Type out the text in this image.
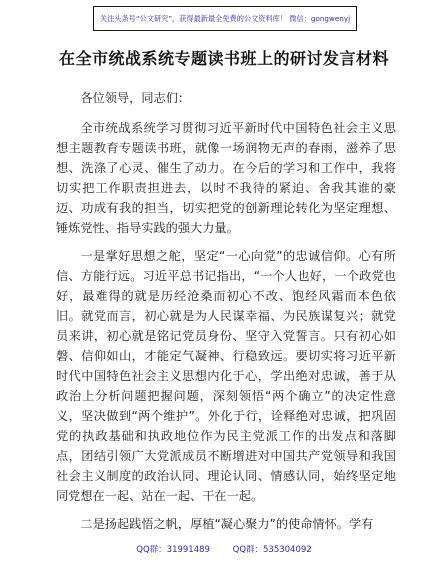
关注头条号“公文研究”，获得最新最全免费的公文资料库！ 微信：gongwenyj
在全市统战系统专题读书班上的研讨发言材料

各位领导，同志们：

全市统战系统学习贯彻习近平新时代中国特色社会主义思想主题教育专题读书班，就像一场润物无声的春雨，滋养了思想、洗涤了心灵、催生了动力。在今后的学习和工作中，我将切实把工作职责担进去，以时不我待的紧迫、舍我其谁的豪迈、功成有我的担当，切实把党的创新理论转化为坚定理想、锤炼党性、指导实践的强大力量。

一是掌好思想之舵，坚定“一心向党”的忠诚信仰。心有所信、方能行远。习近平总书记指出，“一个人也好，一个政党也好，最难得的就是历经沧桑而初心不改、饱经风霜而本色依旧。就党而言，初心就是为人民谋幸福、为民族谋复兴；就党员来讲，初心就是铭记党员身份、坚守入党誓言。只有初心如磐、信仰如山，才能定气凝神、行稳致远。要切实将习近平新时代中国特色社会主义思想内化于心，学出绝对忠诚，善于从政治上分析问题把握问题，深刻领悟“两个确立”的决定性意义，坚决做到“两个维护”。外化于行，诠释绝对忠诚，把巩固党的执政基础和执政地位作为民主党派工作的出发点和落脚点，团结引领广大党派成员不断增进对中国共产党领导和我国社会主义制度的政治认同、理论认同、情感认同，始终坚定地同党想在一起、站在一起、干在一起。

二是扬起践悟之帆，厚植“凝心聚力”的使命情怀。学有

QQ群：31991489	QQ群：535304092
